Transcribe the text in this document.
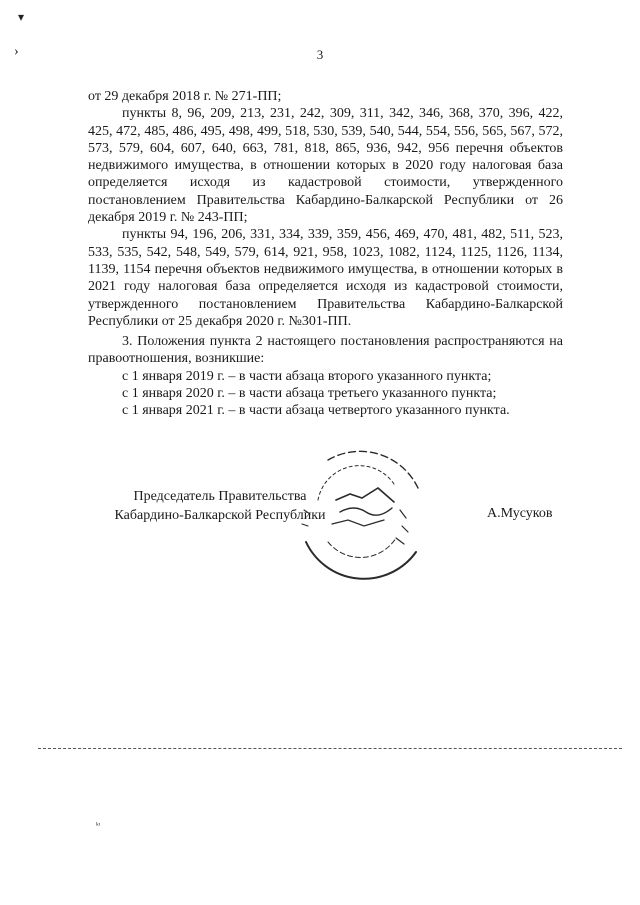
3
▾
›
ᵏᶦ

от 29 декабря 2018 г. № 271-ПП;

пункты 8, 96, 209, 213, 231, 242, 309, 311, 342, 346, 368, 370, 396, 422, 425, 472, 485, 486, 495, 498, 499, 518, 530, 539, 540, 544, 554, 556, 565, 567, 572, 573, 579, 604, 607, 640, 663, 781, 818, 865, 936, 942, 956 перечня объектов недвижимого имущества, в отношении которых в 2020 году налоговая база определяется исходя из кадастровой стоимости, утвержденного постановлением Правительства Кабардино-Балкарской Республики от 26 декабря 2019 г. № 243-ПП;

пункты 94, 196, 206, 331, 334, 339, 359, 456, 469, 470, 481, 482, 511, 523, 533, 535, 542, 548, 549, 579, 614, 921, 958, 1023, 1082, 1124, 1125, 1126, 1134, 1139, 1154 перечня объектов недвижимого имущества, в отношении которых в 2021 году налоговая база определяется исходя из кадастровой стоимости, утвержденного постановлением Правительства Кабардино-Балкарской Республики от 25 декабря 2020 г. №301-ПП.

3. Положения пункта 2 настоящего постановления распространяются на правоотношения, возникшие:

с 1 января 2019 г. – в части абзаца второго указанного пункта;

с 1 января 2020 г. – в части абзаца третьего указанного пункта;

с 1 января 2021 г. – в части абзаца четвертого указанного пункта.

Председатель Правительства
Кабардино-Балкарской Республики	А.Мусуков
